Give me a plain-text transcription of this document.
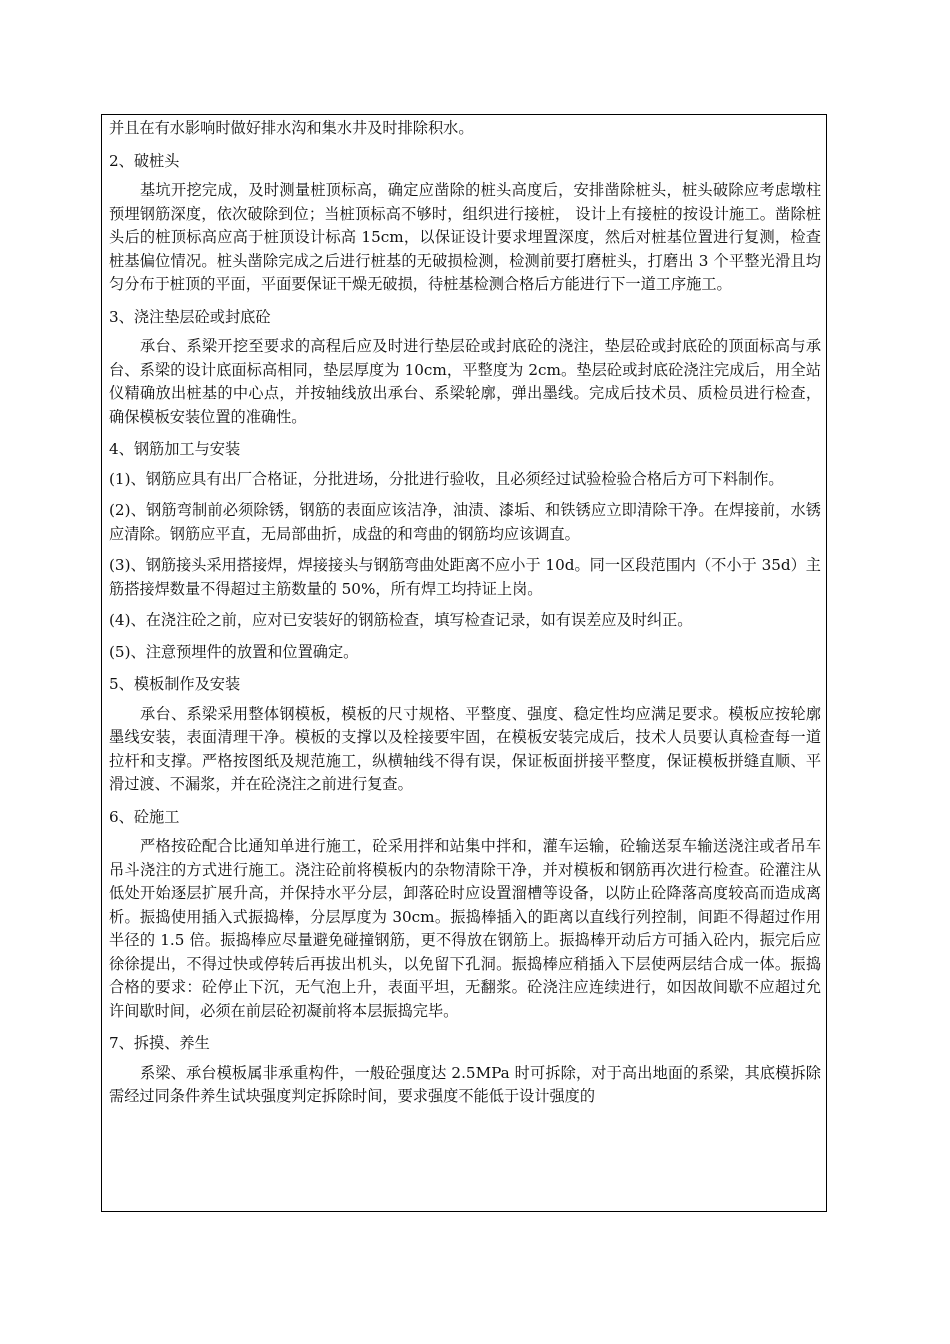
并且在有水影响时做好排水沟和集水井及时排除积水。

2、破桩头

基坑开挖完成，及时测量桩顶标高，确定应凿除的桩头高度后，安排凿除桩头，桩头破除应考虑墩柱预埋钢筋深度，依次破除到位；当桩顶标高不够时，组织进行接桩， 设计上有接桩的按设计施工。凿除桩头后的桩顶标高应高于桩顶设计标高 15cm，以保证设计要求埋置深度，然后对桩基位置进行复测，检查桩基偏位情况。桩头凿除完成之后进行桩基的无破损检测，检测前要打磨桩头，打磨出 3 个平整光滑且均匀分布于桩顶的平面，平面要保证干燥无破损，待桩基检测合格后方能进行下一道工序施工。

3、浇注垫层砼或封底砼

承台、系梁开挖至要求的高程后应及时进行垫层砼或封底砼的浇注，垫层砼或封底砼的顶面标高与承台、系梁的设计底面标高相同，垫层厚度为 10cm，平整度为 2cm。垫层砼或封底砼浇注完成后，用全站仪精确放出桩基的中心点，并按轴线放出承台、系梁轮廓，弹出墨线。完成后技术员、质检员进行检查，确保模板安装位置的准确性。

4、钢筋加工与安装

(1)、钢筋应具有出厂合格证，分批进场，分批进行验收，且必须经过试验检验合格后方可下料制作。

(2)、钢筋弯制前必须除锈，钢筋的表面应该洁净，油渍、漆垢、和铁锈应立即清除干净。在焊接前，水锈应清除。钢筋应平直，无局部曲折，成盘的和弯曲的钢筋均应该调直。

(3)、钢筋接头采用搭接焊，焊接接头与钢筋弯曲处距离不应小于 10d。同一区段范围内（不小于 35d）主筋搭接焊数量不得超过主筋数量的 50%，所有焊工均持证上岗。

(4)、在浇注砼之前，应对已安装好的钢筋检查，填写检查记录，如有误差应及时纠正。

(5)、注意预埋件的放置和位置确定。

5、模板制作及安装

承台、系梁采用整体钢模板，模板的尺寸规格、平整度、强度、稳定性均应满足要求。模板应按轮廓墨线安装，表面清理干净。模板的支撑以及栓接要牢固，在模板安装完成后，技术人员要认真检查每一道拉杆和支撑。严格按图纸及规范施工，纵横轴线不得有误，保证板面拼接平整度，保证模板拼缝直顺、平滑过渡、不漏浆，并在砼浇注之前进行复查。

6、砼施工

严格按砼配合比通知单进行施工，砼采用拌和站集中拌和，灌车运输，砼输送泵车输送浇注或者吊车吊斗浇注的方式进行施工。浇注砼前将模板内的杂物清除干净，并对模板和钢筋再次进行检查。砼灌注从低处开始逐层扩展升高，并保持水平分层，卸落砼时应设置溜槽等设备，以防止砼降落高度较高而造成离析。振捣使用插入式振捣棒，分层厚度为 30cm。振捣棒插入的距离以直线行列控制，间距不得超过作用半径的 1.5 倍。振捣棒应尽量避免碰撞钢筋，更不得放在钢筋上。振捣棒开动后方可插入砼内，振完后应徐徐提出，不得过快或停转后再拔出机头，以免留下孔洞。振捣棒应稍插入下层使两层结合成一体。振捣合格的要求：砼停止下沉，无气泡上升，表面平坦，无翻浆。砼浇注应连续进行，如因故间歇不应超过允许间歇时间，必须在前层砼初凝前将本层振捣完毕。

7、拆摸、养生

系梁、承台模板属非承重构件，一般砼强度达 2.5MPa 时可拆除，对于高出地面的系梁，其底模拆除需经过同条件养生试块强度判定拆除时间，要求强度不能低于设计强度的
